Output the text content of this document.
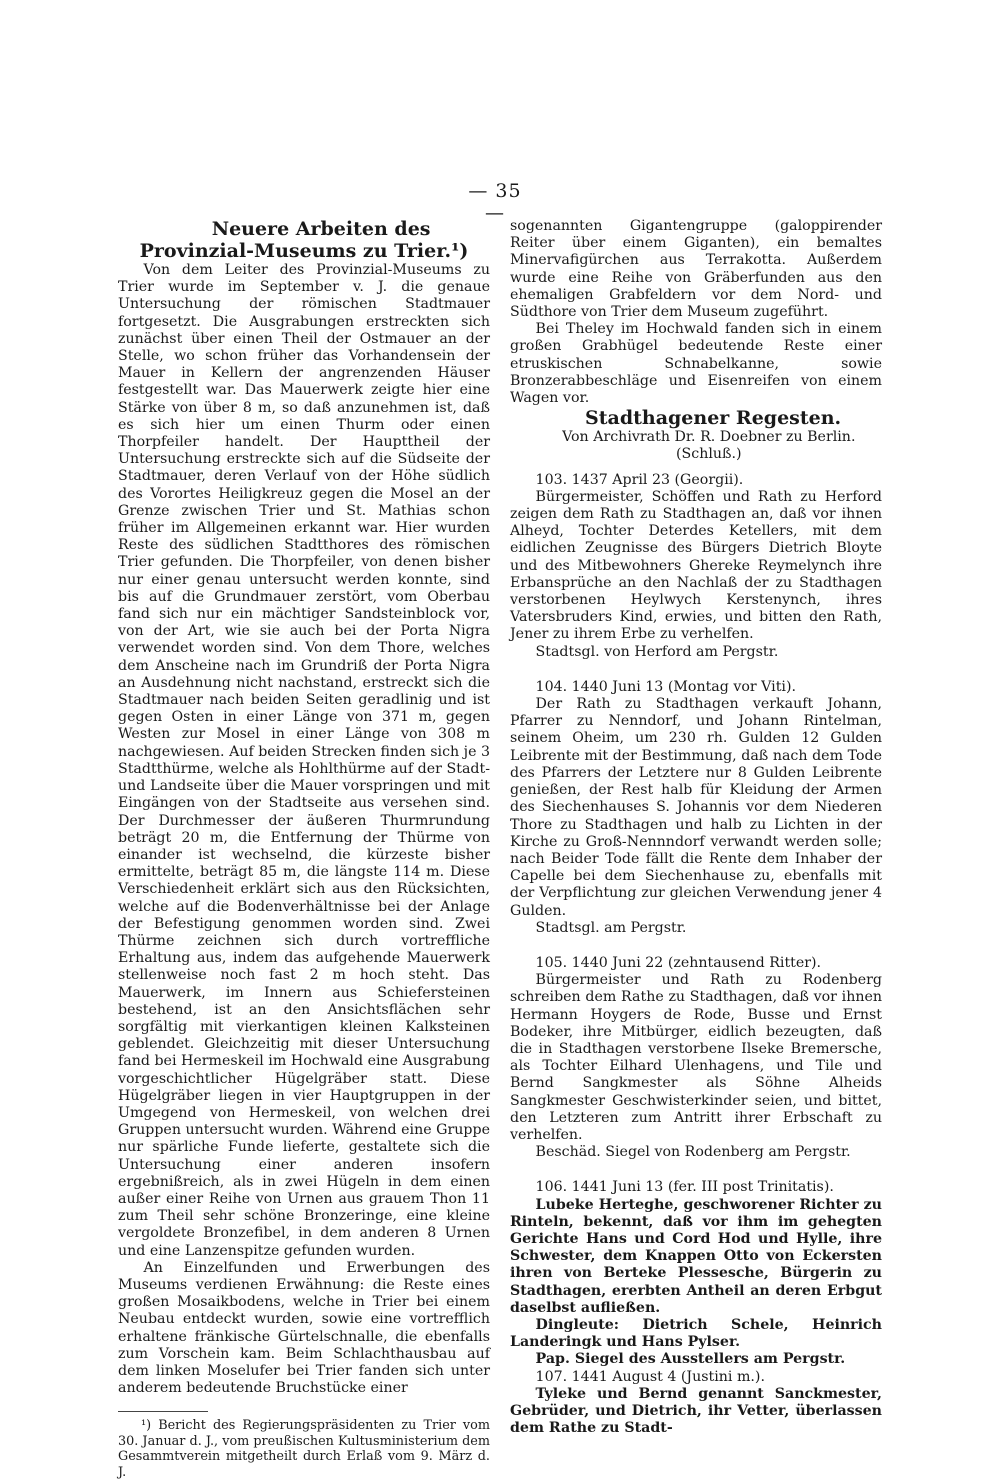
— 35 —

Neuere Arbeiten des Provinzial-Museums zu Trier.¹)

Von dem Leiter des Provinzial-Museums zu Trier wurde im September v. J. die genaue Untersuchung der römischen Stadtmauer fortgesetzt. Die Ausgrabungen erstreckten sich zunächst über einen Theil der Ostmauer an der Stelle, wo schon früher das Vorhandensein der Mauer in Kellern der angrenzenden Häuser festgestellt war. Das Mauerwerk zeigte hier eine Stärke von über 8 m, so daß anzunehmen ist, daß es sich hier um einen Thurm oder einen Thorpfeiler handelt. Der Haupttheil der Untersuchung erstreckte sich auf die Südseite der Stadtmauer, deren Verlauf von der Höhe südlich des Vorortes Heiligkreuz gegen die Mosel an der Grenze zwischen Trier und St. Mathias schon früher im Allgemeinen erkannt war. Hier wurden Reste des südlichen Stadtthores des römischen Trier gefunden. Die Thorpfeiler, von denen bisher nur einer genau untersucht werden konnte, sind bis auf die Grundmauer zerstört, vom Oberbau fand sich nur ein mächtiger Sandsteinblock vor, von der Art, wie sie auch bei der Porta Nigra verwendet worden sind. Von dem Thore, welches dem Anscheine nach im Grundriß der Porta Nigra an Ausdehnung nicht nachstand, erstreckt sich die Stadtmauer nach beiden Seiten geradlinig und ist gegen Osten in einer Länge von 371 m, gegen Westen zur Mosel in einer Länge von 308 m nachgewiesen. Auf beiden Strecken finden sich je 3 Stadtthürme, welche als Hohlthürme auf der Stadt- und Landseite über die Mauer vorspringen und mit Eingängen von der Stadtseite aus versehen sind. Der Durchmesser der äußeren Thurmrundung beträgt 20 m, die Entfernung der Thürme von einander ist wechselnd, die kürzeste bisher ermittelte, beträgt 85 m, die längste 114 m. Diese Verschiedenheit erklärt sich aus den Rücksichten, welche auf die Bodenverhältnisse bei der Anlage der Befestigung genommen worden sind. Zwei Thürme zeichnen sich durch vortreffliche Erhaltung aus, indem das aufgehende Mauerwerk stellenweise noch fast 2 m hoch steht. Das Mauerwerk, im Innern aus Schiefersteinen bestehend, ist an den Ansichtsflächen sehr sorgfältig mit vierkantigen kleinen Kalksteinen geblendet. Gleichzeitig mit dieser Untersuchung fand bei Hermeskeil im Hochwald eine Ausgrabung vorgeschichtlicher Hügelgräber statt. Diese Hügelgräber liegen in vier Hauptgruppen in der Umgegend von Hermeskeil, von welchen drei Gruppen untersucht wurden. Während eine Gruppe nur spärliche Funde lieferte, gestaltete sich die Untersuchung einer anderen insofern ergebnißreich, als in zwei Hügeln in dem einen außer einer Reihe von Urnen aus grauem Thon 11 zum Theil sehr schöne Bronzeringe, eine kleine vergoldete Bronzefibel, in dem anderen 8 Urnen und eine Lanzenspitze gefunden wurden.

An Einzelfunden und Erwerbungen des Museums verdienen Erwähnung: die Reste eines großen Mosaikbodens, welche in Trier bei einem Neubau entdeckt wurden, sowie eine vortrefflich erhaltene fränkische Gürtelschnalle, die ebenfalls zum Vorschein kam. Beim Schlachthausbau auf dem linken Moselufer bei Trier fanden sich unter anderem bedeutende Bruchstücke einer

¹) Bericht des Regierungspräsidenten zu Trier vom 30. Januar d. J., vom preußischen Kultusministerium dem Gesammtverein mitgetheilt durch Erlaß vom 9. März d. J.

sogenannten Gigantengruppe (galoppirender Reiter über einem Giganten), ein bemaltes Minervafigürchen aus Terrakotta. Außerdem wurde eine Reihe von Gräberfunden aus den ehemaligen Grabfeldern vor dem Nord- und Südthore von Trier dem Museum zugeführt.

Bei Theley im Hochwald fanden sich in einem großen Grabhügel bedeutende Reste einer etruskischen Schnabelkanne, sowie Bronzerabbeschläge und Eisenreifen von einem Wagen vor.

Stadthagener Regesten.

Von Archivrath Dr. R. Doebner zu Berlin.

(Schluß.)

103. 1437 April 23 (Georgii).

Bürgermeister, Schöffen und Rath zu Herford zeigen dem Rath zu Stadthagen an, daß vor ihnen Alheyd, Tochter Deterdes Ketellers, mit dem eidlichen Zeugnisse des Bürgers Dietrich Bloyte und des Mitbewohners Ghereke Reymelynch ihre Erbansprüche an den Nachlaß der zu Stadthagen verstorbenen Heylwych Kerstenynch, ihres Vatersbruders Kind, erwies, und bitten den Rath, Jener zu ihrem Erbe zu verhelfen.

Stadtsgl. von Herford am Pergstr.

104. 1440 Juni 13 (Montag vor Viti).

Der Rath zu Stadthagen verkauft Johann, Pfarrer zu Nenndorf, und Johann Rintelman, seinem Oheim, um 230 rh. Gulden 12 Gulden Leibrente mit der Bestimmung, daß nach dem Tode des Pfarrers der Letztere nur 8 Gulden Leibrente genießen, der Rest halb für Kleidung der Armen des Siechenhauses S. Johannis vor dem Niederen Thore zu Stadthagen und halb zu Lichten in der Kirche zu Groß-Nennndorf verwandt werden solle; nach Beider Tode fällt die Rente dem Inhaber der Capelle bei dem Siechenhause zu, ebenfalls mit der Verpflichtung zur gleichen Verwendung jener 4 Gulden.

Stadtsgl. am Pergstr.

105. 1440 Juni 22 (zehntausend Ritter).

Bürgermeister und Rath zu Rodenberg schreiben dem Rathe zu Stadthagen, daß vor ihnen Hermann Hoygers de Rode, Busse und Ernst Bodeker, ihre Mitbürger, eidlich bezeugten, daß die in Stadthagen verstorbene Ilseke Bremersche, als Tochter Eilhard Ulenhagens, und Tile und Bernd Sangkmester als Söhne Alheids Sangkmester Geschwisterkinder seien, und bittet, den Letzteren zum Antritt ihrer Erbschaft zu verhelfen.

Beschäd. Siegel von Rodenberg am Pergstr.

106. 1441 Juni 13 (fer. III post Trinitatis).

Lubeke Herteghe, geschworener Richter zu Rinteln, bekennt, daß vor ihm im gehegten Gerichte Hans und Cord Hod und Hylle, ihre Schwester, dem Knappen Otto von Eckersten ihren von Berteke Plessesche, Bürgerin zu Stadthagen, ererbten Antheil an deren Erbgut daselbst aufließen.

Dingleute: Dietrich Schele, Heinrich Landeringk und Hans Pylser.

Pap. Siegel des Ausstellers am Pergstr.

107. 1441 August 4 (Justini m.).

Tyleke und Bernd genannt Sanckmester, Gebrüder, und Dietrich, ihr Vetter, überlassen dem Rathe zu Stadt-
